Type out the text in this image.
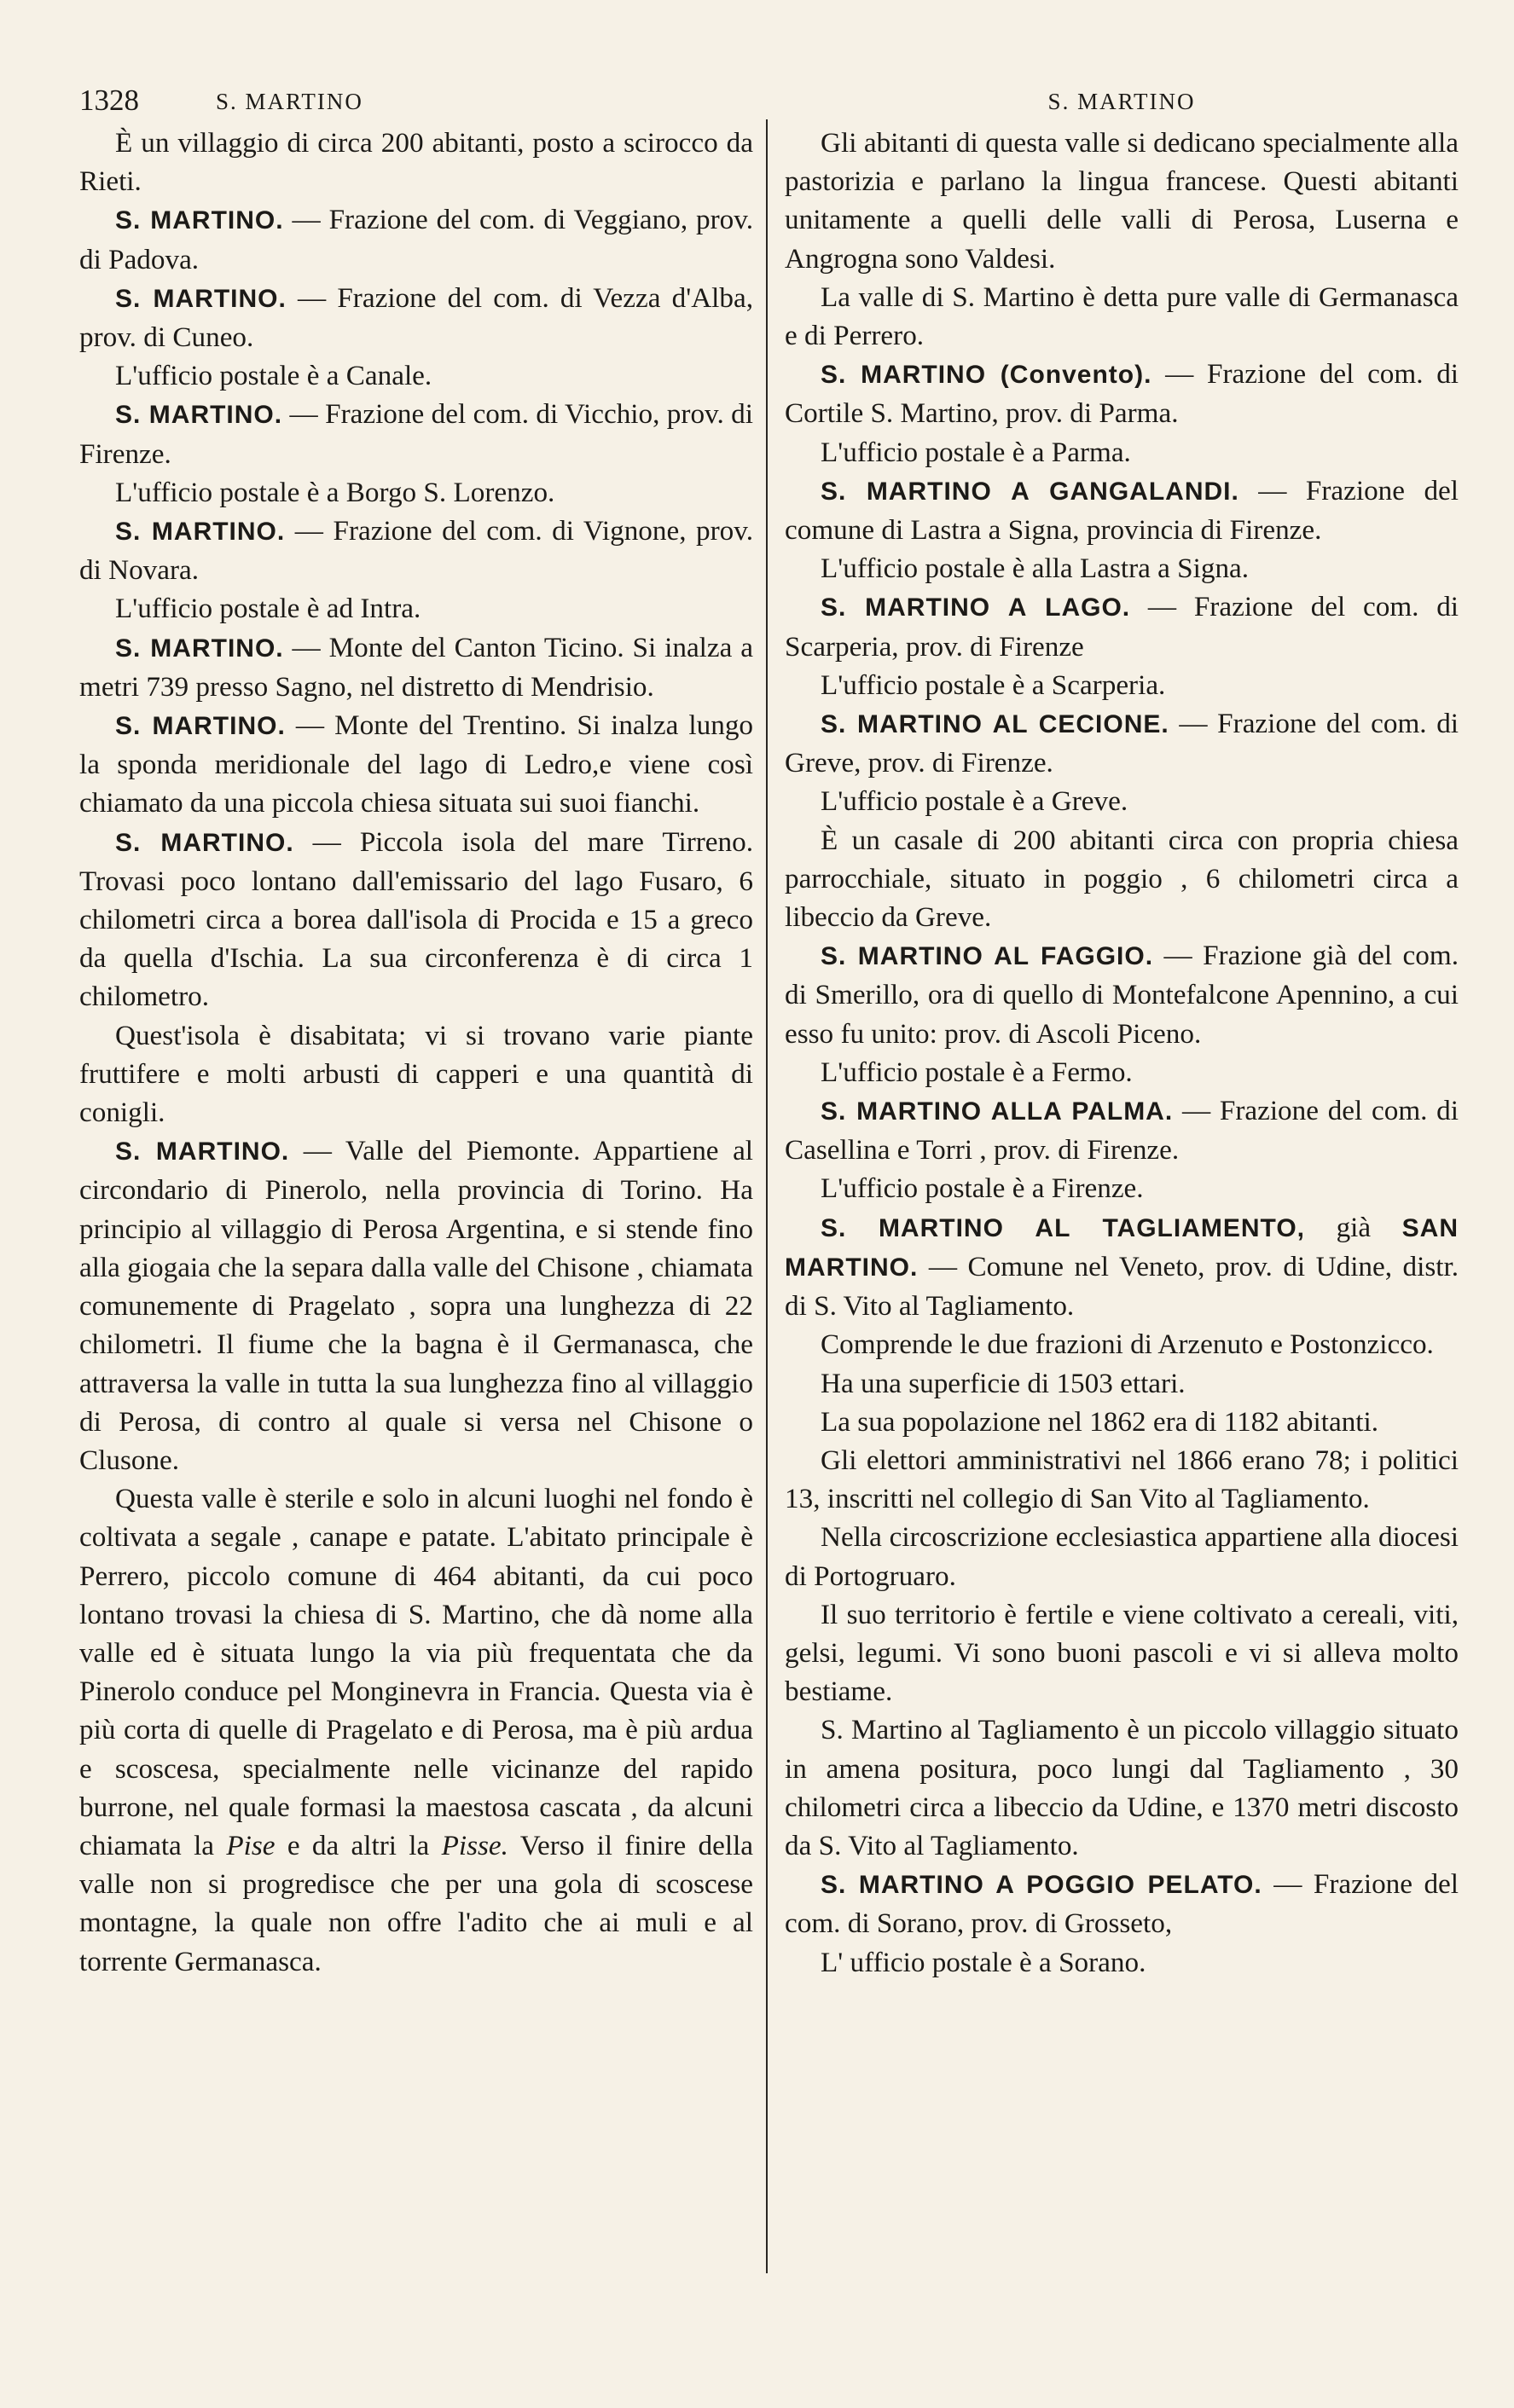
1328	S. MARTINO	S. MARTINO

È un villaggio di circa 200 abitanti, posto a scirocco da Rieti.

S. MARTINO. — Frazione del com. di Veggiano, prov. di Padova.

S. MARTINO. — Frazione del com. di Vezza d'Alba, prov. di Cuneo.

L'ufficio postale è a Canale.

S. MARTINO. — Frazione del com. di Vicchio, prov. di Firenze.

L'ufficio postale è a Borgo S. Lorenzo.

S. MARTINO. — Frazione del com. di Vignone, prov. di Novara.

L'ufficio postale è ad Intra.

S. MARTINO. — Monte del Canton Ticino. Si inalza a metri 739 presso Sagno, nel distretto di Mendrisio.

S. MARTINO. — Monte del Trentino. Si inalza lungo la sponda meridionale del lago di Ledro,e viene così chiamato da una piccola chiesa situata sui suoi fianchi.

S. MARTINO. — Piccola isola del mare Tirreno. Trovasi poco lontano dall'emissario del lago Fusaro, 6 chilometri circa a borea dall'isola di Procida e 15 a greco da quella d'Ischia. La sua circonferenza è di circa 1 chilometro.

Quest'isola è disabitata; vi si trovano varie piante fruttifere e molti arbusti di capperi e una quantità di conigli.

S. MARTINO. — Valle del Piemonte. Appartiene al circondario di Pinerolo, nella provincia di Torino. Ha principio al villaggio di Perosa Argentina, e si stende fino alla giogaia che la separa dalla valle del Chisone , chiamata comunemente di Pragelato , sopra una lunghezza di 22 chilometri. Il fiume che la bagna è il Germanasca, che attraversa la valle in tutta la sua lunghezza fino al villaggio di Perosa, di contro al quale si versa nel Chisone o Clusone.

Questa valle è sterile e solo in alcuni luoghi nel fondo è coltivata a segale , canape e patate. L'abitato principale è Perrero, piccolo comune di 464 abitanti, da cui poco lontano trovasi la chiesa di S. Martino, che dà nome alla valle ed è situata lungo la via più frequentata che da Pinerolo conduce pel Monginevra in Francia. Questa via è più corta di quelle di Pragelato e di Perosa, ma è più ardua e scoscesa, specialmente nelle vicinanze del rapido burrone, nel quale formasi la maestosa cascata , da alcuni chiamata la Pise e da altri la Pisse. Verso il finire della valle non si progredisce che per una gola di scoscese montagne, la quale non offre l'adito che ai muli e al torrente Germanasca.

Gli abitanti di questa valle si dedicano specialmente alla pastorizia e parlano la lingua francese. Questi abitanti unitamente a quelli delle valli di Perosa, Luserna e Angrogna sono Valdesi.

La valle di S. Martino è detta pure valle di Germanasca e di Perrero.

S. MARTINO (Convento). — Frazione del com. di Cortile S. Martino, prov. di Parma.

L'ufficio postale è a Parma.

S. MARTINO A GANGALANDI. — Frazione del comune di Lastra a Signa, provincia di Firenze.

L'ufficio postale è alla Lastra a Signa.

S. MARTINO A LAGO. — Frazione del com. di Scarperia, prov. di Firenze

L'ufficio postale è a Scarperia.

S. MARTINO AL CECIONE. — Frazione del com. di Greve, prov. di Firenze.

L'ufficio postale è a Greve.

È un casale di 200 abitanti circa con propria chiesa parrocchiale, situato in poggio , 6 chilometri circa a libeccio da Greve.

S. MARTINO AL FAGGIO. — Frazione già del com. di Smerillo, ora di quello di Montefalcone Apennino, a cui esso fu unito: prov. di Ascoli Piceno.

L'ufficio postale è a Fermo.

S. MARTINO ALLA PALMA. — Frazione del com. di Casellina e Torri , prov. di Firenze.

L'ufficio postale è a Firenze.

S. MARTINO AL TAGLIAMENTO, già SAN MARTINO. — Comune nel Veneto, prov. di Udine, distr. di S. Vito al Tagliamento.

Comprende le due frazioni di Arzenuto e Postonzicco.

Ha una superficie di 1503 ettari.

La sua popolazione nel 1862 era di 1182 abitanti.

Gli elettori amministrativi nel 1866 erano 78; i politici 13, inscritti nel collegio di San Vito al Tagliamento.

Nella circoscrizione ecclesiastica appartiene alla diocesi di Portogruaro.

Il suo territorio è fertile e viene coltivato a cereali, viti, gelsi, legumi. Vi sono buoni pascoli e vi si alleva molto bestiame.

S. Martino al Tagliamento è un piccolo villaggio situato in amena positura, poco lungi dal Tagliamento , 30 chilometri circa a libeccio da Udine, e 1370 metri discosto da S. Vito al Tagliamento.

S. MARTINO A POGGIO PELATO. — Frazione del com. di Sorano, prov. di Grosseto,

L' ufficio postale è a Sorano.
